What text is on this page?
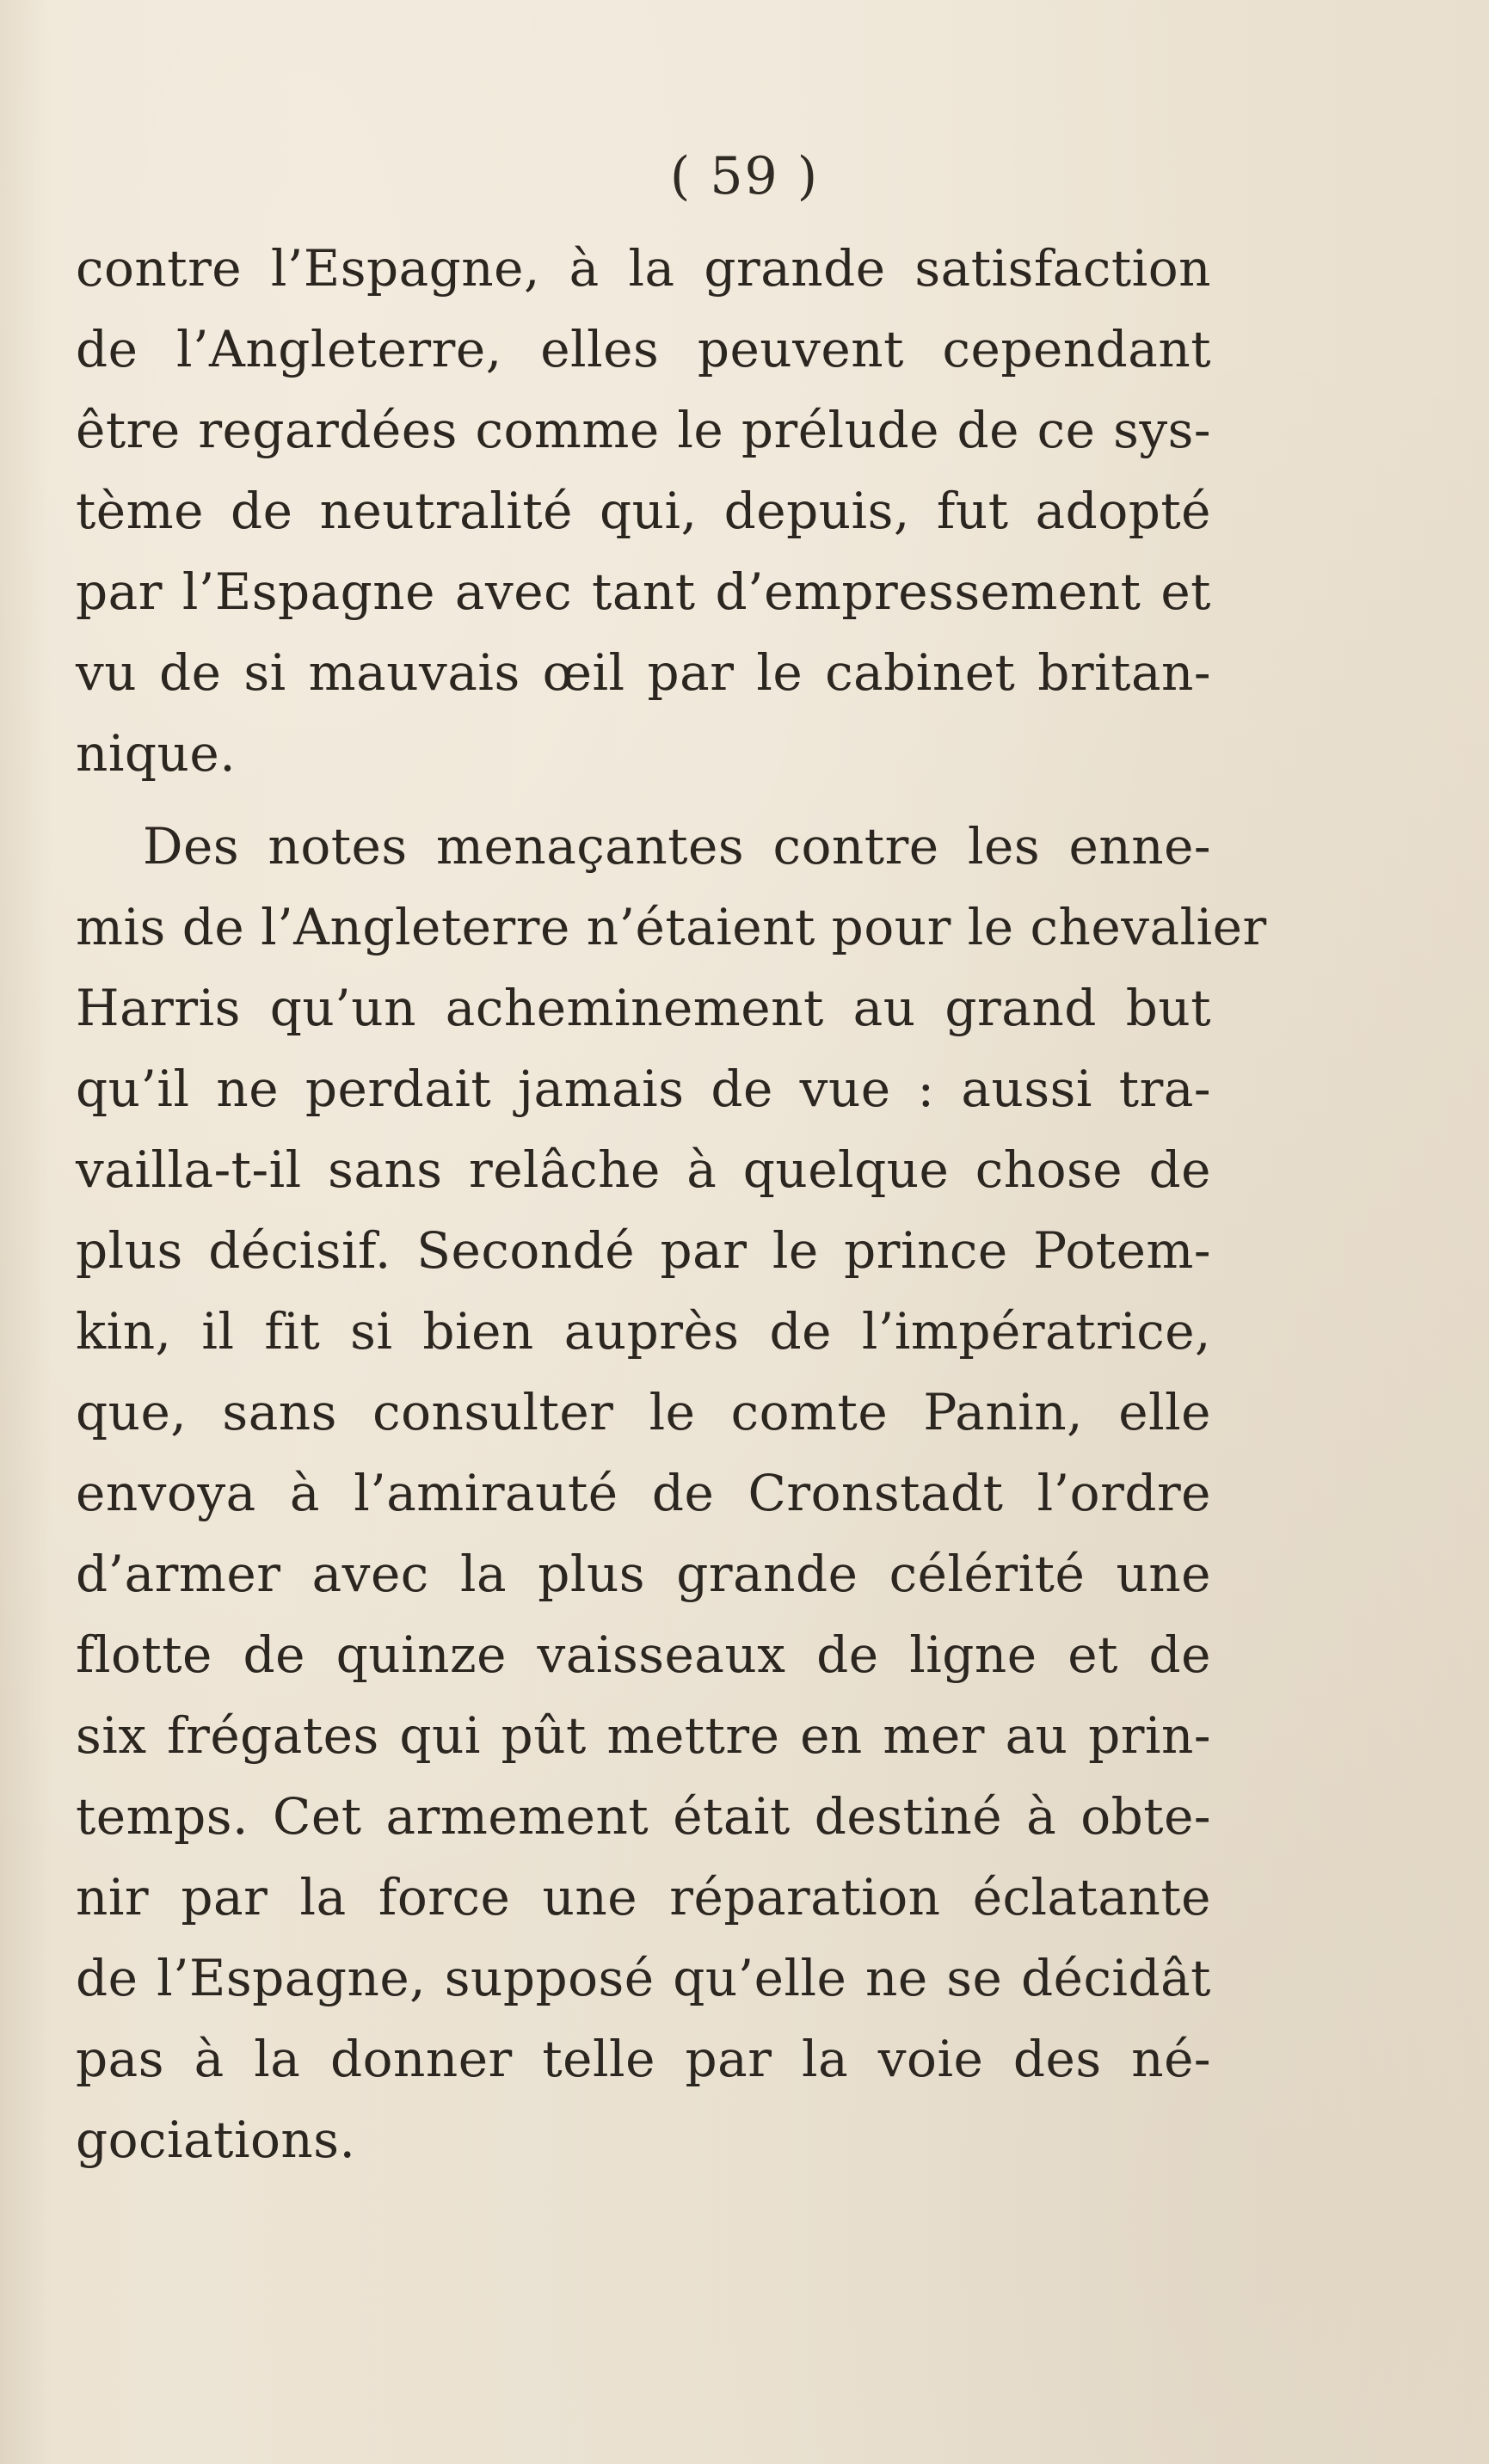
( 59 )
contre l’Espagne, à la grande satisfaction
de l’Angleterre, elles peuvent cependant
être regardées comme le prélude de ce sys-
tème de neutralité qui, depuis, fut adopté
par l’Espagne avec tant d’empressement et
vu de si mauvais œil par le cabinet britan-
nique.
Des notes menaçantes contre les enne-
mis de l’Angleterre n’étaient pour le chevalier
Harris qu’un acheminement au grand but
qu’il ne perdait jamais de vue : aussi tra-
vailla-t-il sans relâche à quelque chose de
plus décisif. Secondé par le prince Potem-
kin, il fit si bien auprès de l’impératrice,
que, sans consulter le comte Panin, elle
envoya à l’amirauté de Cronstadt l’ordre
d’armer avec la plus grande célérité une
flotte de quinze vaisseaux de ligne et de
six frégates qui pût mettre en mer au prin-
temps. Cet armement était destiné à obte-
nir par la force une réparation éclatante
de l’Espagne, supposé qu’elle ne se décidât
pas à la donner telle par la voie des né-
gociations.
